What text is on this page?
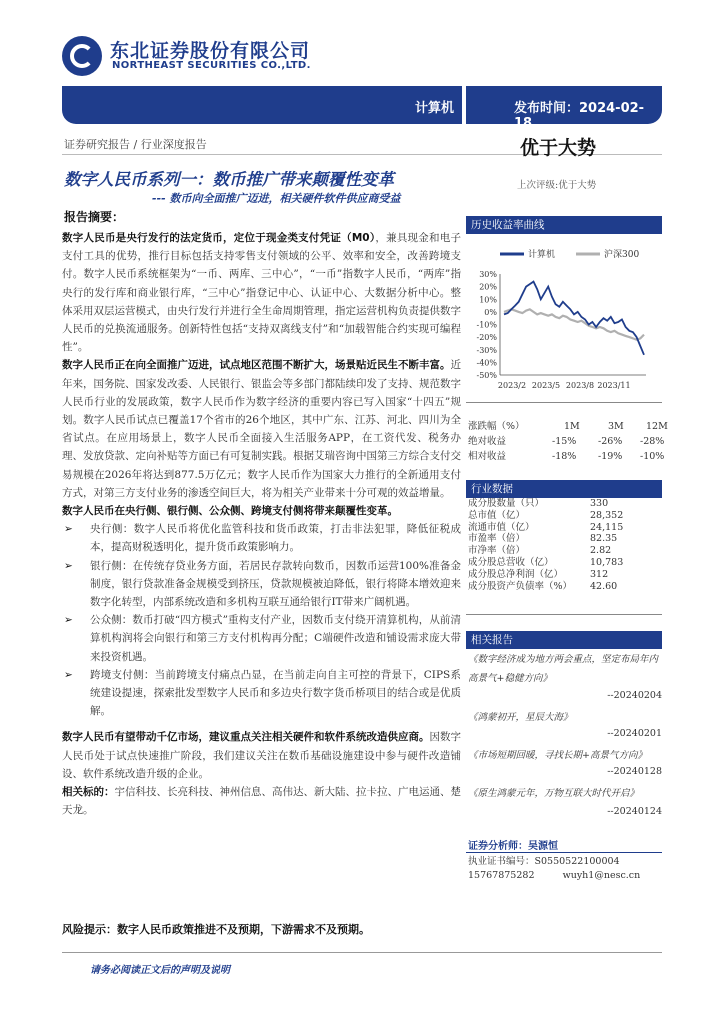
东北证券股份有限公司
NORTHEAST SECURITIES CO.,LTD.
计算机	发布时间：2024-02-18
证券研究报告 / 行业深度报告	优于大势
上次评级:优于大势
数字人民币系列一：数币推广带来颠覆性变革
--- 数币向全面推广迈进，相关硬件软件供应商受益
报告摘要：

数字人民币是央行发行的法定货币，定位于现金类支付凭证（M0），兼具现金和电子支付工具的优势，推行目标包括支持零售支付领域的公平、效率和安全，改善跨境支付。数字人民币系统框架为“一币、两库、三中心”，“一币”指数字人民币，“两库”指央行的发行库和商业银行库，“三中心”指登记中心、认证中心、大数据分析中心。整体采用双层运营模式，由央行发行并进行全生命周期管理，指定运营机构负责提供数字人民币的兑换流通服务。创新特性包括“支持双离线支付”和“加载智能合约实现可编程性”。

数字人民币正在向全面推广迈进，试点地区范围不断扩大，场景贴近民生不断丰富。近年来，国务院、国家发改委、人民银行、银监会等多部门都陆续印发了支持、规范数字人民币行业的发展政策，数字人民币作为数字经济的重要内容已写入国家“十四五”规划。数字人民币试点已覆盖17个省市的26个地区，其中广东、江苏、河北、四川为全省试点。在应用场景上，数字人民币全面接入生活服务APP，在工资代发、税务办理、发放贷款、定向补贴等方面已有可复制实践。根据艾瑞咨询中国第三方综合支付交易规模在2026年将达到877.5万亿元；数字人民币作为国家大力推行的全新通用支付方式，对第三方支付业务的渗透空间巨大，将为相关产业带来十分可观的效益增量。

数字人民币在央行侧、银行侧、公众侧、跨境支付侧将带来颠覆性变革。

➢ 央行侧：数字人民币将优化监管科技和货币政策，打击非法犯罪，降低征税成本，提高财税透明化，提升货币政策影响力。
➢ 银行侧：在传统存贷业务方面，若居民存款转向数币，因数币运营100%准备金制度，银行贷款准备金规模受到挤压，贷款规模被迫降低，银行将降本增效迎来数字化转型，内部系统改造和多机构互联互通给银行IT带来广阔机遇。
➢ 公众侧：数币打破“四方模式”重构支付产业，因数币支付绕开清算机构，从前清算机构润将会向银行和第三方支付机构再分配；C端硬件改造和铺设需求庞大带来投资机遇。
➢ 跨境支付侧：当前跨境支付痛点凸显，在当前走向自主可控的背景下，CIPS系统建设提速，探索批发型数字人民币和多边央行数字货币桥项目的结合或是优质解。

数字人民币有望带动千亿市场，建议重点关注相关硬件和软件系统改造供应商。因数字人民币处于试点快速推广阶段，我们建议关注在数币基础设施建设中参与硬件改造铺设、软件系统改造升级的企业。

相关标的：宇信科技、长亮科技、神州信息、高伟达、新大陆、拉卡拉、广电运通、楚天龙。

风险提示：数字人民币政策推进不及预期，下游需求不及预期。
历史收益率曲线
计算机	沪深300
30%
20%
10%
0%
-10%
-20%
-30%
-40%
-50%
2023/2 2023/5 2023/8 2023/11
涨跌幅（%）	1M	3M 12M
绝对收益	-15% -26% -28%
相对收益	-18% -19% -10%
行业数据
成分股数量（只）	330
总市值（亿）	28,352
流通市值（亿）	24,115
市盈率（倍）	82.35
市净率（倍）	2.82
成分股总营收（亿）	10,783
成分股总净利润（亿）	312
成分股资产负债率（%） 42.60
相关报告
《数字经济成为地方两会重点，坚定布局年内高景气+稳健方向》
--20240204
《鸿蒙初开，星辰大海》
--20240201
《市场短期回暖，寻找长期+高景气方向》
--20240128
《原生鸿蒙元年，万物互联大时代开启》
--20240124
证券分析师：吴源恒
执业证书编号：S0550522100004
15767875282	wuyh1@nesc.cn
请务必阅读正文后的声明及说明
